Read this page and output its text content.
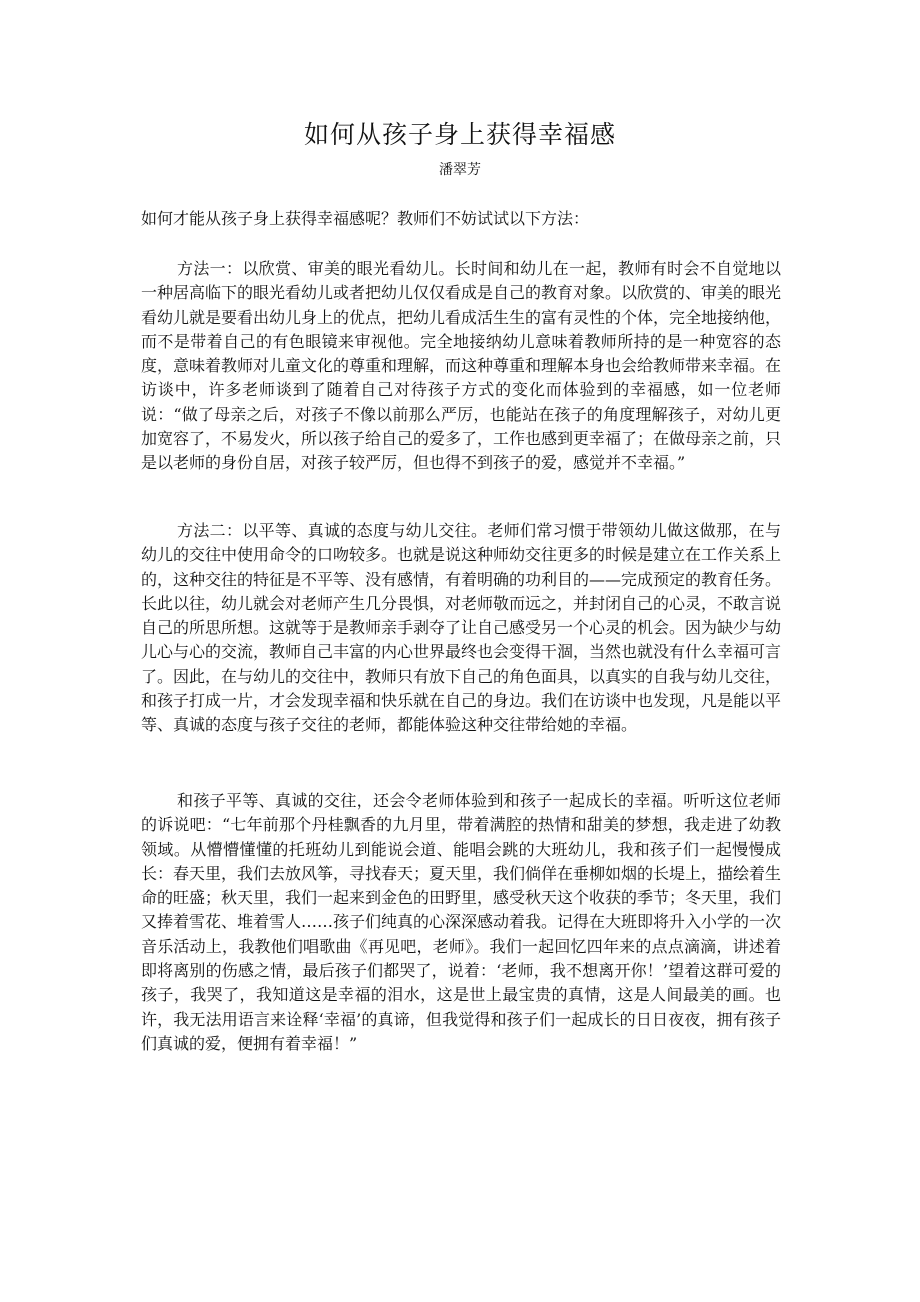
如何从孩子身上获得幸福感
潘翠芳
如何才能从孩子身上获得幸福感呢？教师们不妨试试以下方法：
方法一：以欣赏、审美的眼光看幼儿。长时间和幼儿在一起，教师有时会不自觉地以一种居高临下的眼光看幼儿或者把幼儿仅仅看成是自己的教育对象。以欣赏的、审美的眼光看幼儿就是要看出幼儿身上的优点，把幼儿看成活生生的富有灵性的个体，完全地接纳他，而不是带着自己的有色眼镜来审视他。完全地接纳幼儿意味着教师所持的是一种宽容的态度，意味着教师对儿童文化的尊重和理解，而这种尊重和理解本身也会给教师带来幸福。在访谈中，许多老师谈到了随着自己对待孩子方式的变化而体验到的幸福感，如一位老师说：“做了母亲之后，对孩子不像以前那么严厉，也能站在孩子的角度理解孩子，对幼儿更加宽容了，不易发火，所以孩子给自己的爱多了，工作也感到更幸福了；在做母亲之前，只是以老师的身份自居，对孩子较严厉，但也得不到孩子的爱，感觉并不幸福。”
方法二：以平等、真诚的态度与幼儿交往。老师们常习惯于带领幼儿做这做那，在与幼儿的交往中使用命令的口吻较多。也就是说这种师幼交往更多的时候是建立在工作关系上的，这种交往的特征是不平等、没有感情，有着明确的功利目的——完成预定的教育任务。长此以往，幼儿就会对老师产生几分畏惧，对老师敬而远之，并封闭自己的心灵，不敢言说自己的所思所想。这就等于是教师亲手剥夺了让自己感受另一个心灵的机会。因为缺少与幼儿心与心的交流，教师自己丰富的内心世界最终也会变得干涸，当然也就没有什么幸福可言了。因此，在与幼儿的交往中，教师只有放下自己的角色面具，以真实的自我与幼儿交往，和孩子打成一片，才会发现幸福和快乐就在自己的身边。我们在访谈中也发现，凡是能以平等、真诚的态度与孩子交往的老师，都能体验这种交往带给她的幸福。
和孩子平等、真诚的交往，还会令老师体验到和孩子一起成长的幸福。听听这位老师的诉说吧：“七年前那个丹桂飘香的九月里，带着满腔的热情和甜美的梦想，我走进了幼教领域。从懵懵懂懂的托班幼儿到能说会道、能唱会跳的大班幼儿，我和孩子们一起慢慢成长：春天里，我们去放风筝，寻找春天；夏天里，我们倘佯在垂柳如烟的长堤上，描绘着生命的旺盛；秋天里，我们一起来到金色的田野里，感受秋天这个收获的季节；冬天里，我们又捧着雪花、堆着雪人……孩子们纯真的心深深感动着我。记得在大班即将升入小学的一次音乐活动上，我教他们唱歌曲《再见吧，老师》。我们一起回忆四年来的点点滴滴，讲述着即将离别的伤感之情，最后孩子们都哭了，说着：‘老师，我不想离开你！’望着这群可爱的孩子，我哭了，我知道这是幸福的泪水，这是世上最宝贵的真情，这是人间最美的画。也许，我无法用语言来诠释‘幸福’的真谛，但我觉得和孩子们一起成长的日日夜夜，拥有孩子们真诚的爱，便拥有着幸福！”
